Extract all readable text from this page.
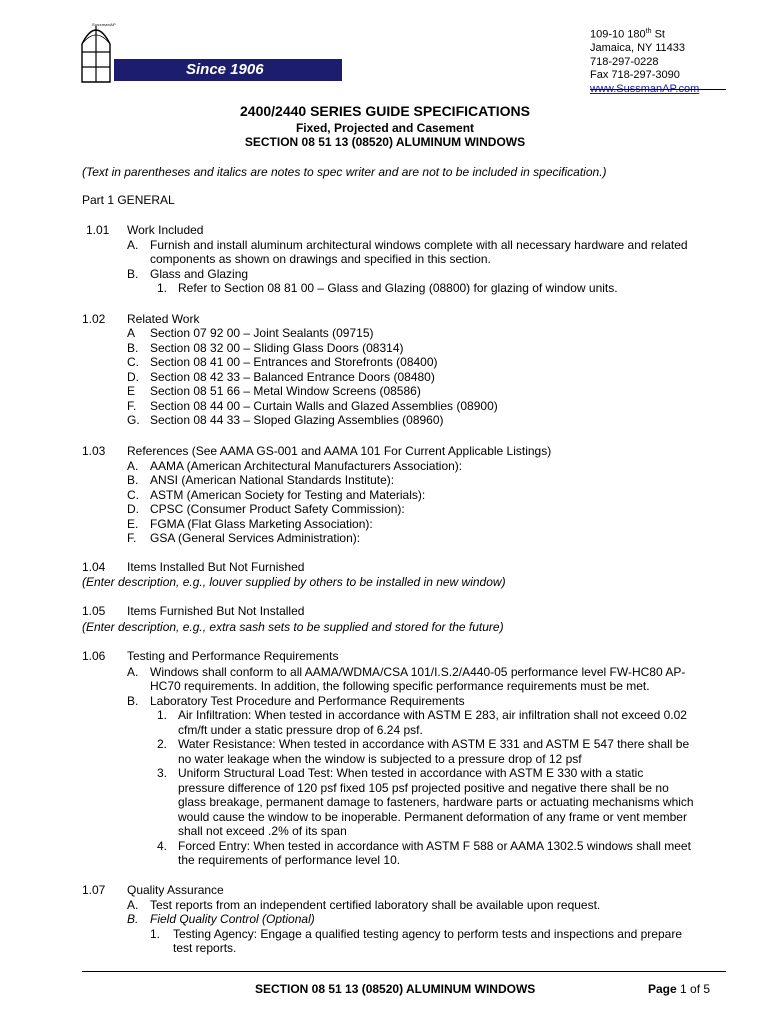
SussmanAP
Since 1906
109-10 180th St
Jamaica, NY 11433
718-297-0228
Fax 718-297-3090
www.SussmanAP.com
2400/2440 SERIES GUIDE SPECIFICATIONS
Fixed, Projected and Casement
SECTION 08 51 13 (08520) ALUMINUM WINDOWS
(Text in parentheses and italics are notes to spec writer and are not to be included in specification.)
Part 1 GENERAL
1.01 Work Included
A. Furnish and install aluminum architectural windows complete with all necessary hardware and related
components as shown on drawings and specified in this section.
B. Glass and Glazing
1. Refer to Section 08 81 00 – Glass and Glazing (08800) for glazing of window units.
1.02 Related Work
A Section 07 92 00 – Joint Sealants (09715)
B. Section 08 32 00 – Sliding Glass Doors (08314)
C. Section 08 41 00 – Entrances and Storefronts (08400)
D. Section 08 42 33 – Balanced Entrance Doors (08480)
E Section 08 51 66 – Metal Window Screens (08586)
F. Section 08 44 00 – Curtain Walls and Glazed Assemblies (08900)
G. Section 08 44 33 – Sloped Glazing Assemblies (08960)
1.03 References (See AAMA GS-001 and AAMA 101 For Current Applicable Listings)
A. AAMA (American Architectural Manufacturers Association):
B. ANSI (American National Standards Institute):
C. ASTM (American Society for Testing and Materials):
D. CPSC (Consumer Product Safety Commission):
E. FGMA (Flat Glass Marketing Association):
F. GSA (General Services Administration):
1.04 Items Installed But Not Furnished
(Enter description, e.g., louver supplied by others to be installed in new window)
1.05 Items Furnished But Not Installed
(Enter description, e.g., extra sash sets to be supplied and stored for the future)
1.06 Testing and Performance Requirements
A. Windows shall conform to all AAMA/WDMA/CSA 101/I.S.2/A440-05 performance level FW-HC80 AP-
HC70 requirements. In addition, the following specific performance requirements must be met.
B. Laboratory Test Procedure and Performance Requirements
1. Air Infiltration: When tested in accordance with ASTM E 283, air infiltration shall not exceed 0.02
cfm/ft under a static pressure drop of 6.24 psf.
2. Water Resistance: When tested in accordance with ASTM E 331 and ASTM E 547 there shall be
no water leakage when the window is subjected to a pressure drop of 12 psf
3. Uniform Structural Load Test: When tested in accordance with ASTM E 330 with a static
pressure difference of 120 psf fixed 105 psf projected positive and negative there shall be no
glass breakage, permanent damage to fasteners, hardware parts or actuating mechanisms which
would cause the window to be inoperable. Permanent deformation of any frame or vent member
shall not exceed .2% of its span
4. Forced Entry: When tested in accordance with ASTM F 588 or AAMA 1302.5 windows shall meet
the requirements of performance level 10.
1.07 Quality Assurance
A. Test reports from an independent certified laboratory shall be available upon request.
B. Field Quality Control (Optional)
1. Testing Agency: Engage a qualified testing agency to perform tests and inspections and prepare
test reports.
SECTION 08 51 13 (08520) ALUMINUM WINDOWS	Page 1 of 5
